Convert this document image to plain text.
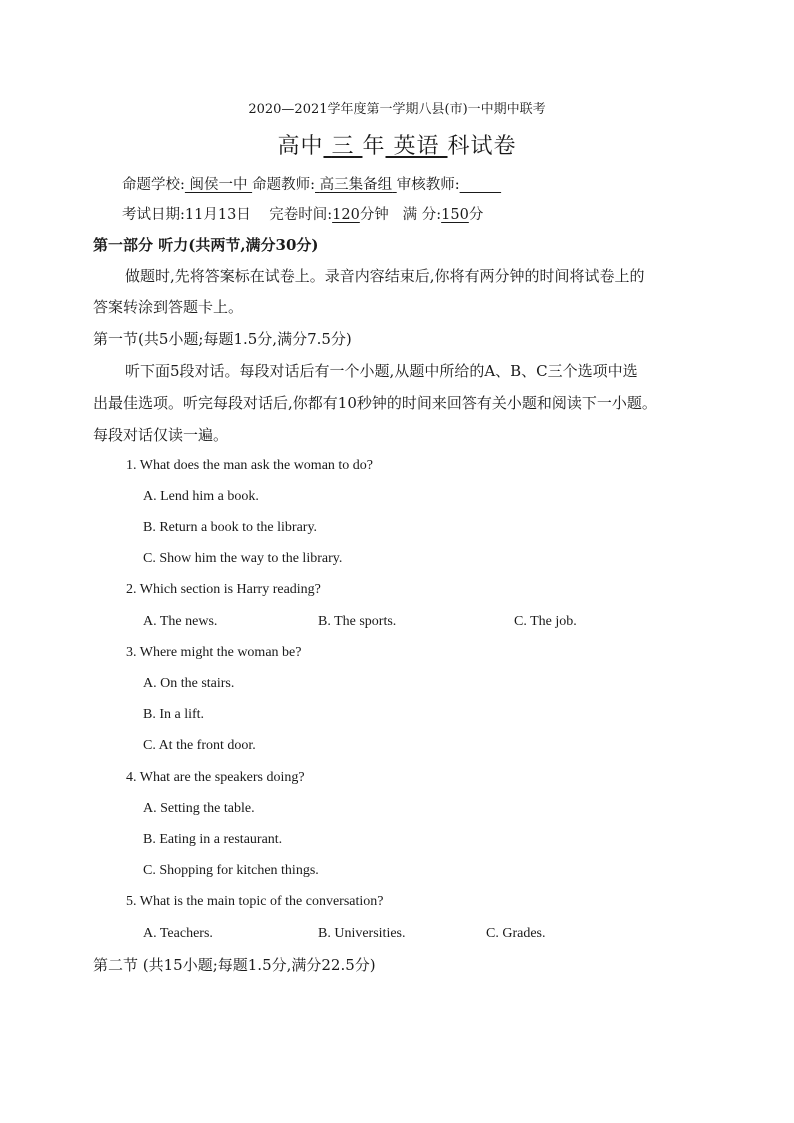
2020—2021学年度第一学期八县(市)一中期中联考
高中 三 年 英语 科试卷
命题学校: 闽侯一中 命题教师: 高三集备组 审核教师:
考试日期:11月13日 完卷时间:120分钟 满 分:150分
第一部分 听力(共两节,满分30分)
做题时,先将答案标在试卷上。录音内容结束后,你将有两分钟的时间将试卷上的
答案转涂到答题卡上。
第一节(共5小题;每题1.5分,满分7.5分)
听下面5段对话。每段对话后有一个小题,从题中所给的A、B、C三个选项中选
出最佳选项。听完每段对话后,你都有10秒钟的时间来回答有关小题和阅读下一小题。
每段对话仅读一遍。
1. What does the man ask the woman to do?
A. Lend him a book.
B. Return a book to the library.
C. Show him the way to the library.
2. Which section is Harry reading?
A. The news.	B. The sports.	C. The job.
3. Where might the woman be?
A. On the stairs.
B. In a lift.
C. At the front door.
4. What are the speakers doing?
A. Setting the table.
B. Eating in a restaurant.
C. Shopping for kitchen things.
5. What is the main topic of the conversation?
A. Teachers.	B. Universities.	C. Grades.
第二节 (共15小题;每题1.5分,满分22.5分)
